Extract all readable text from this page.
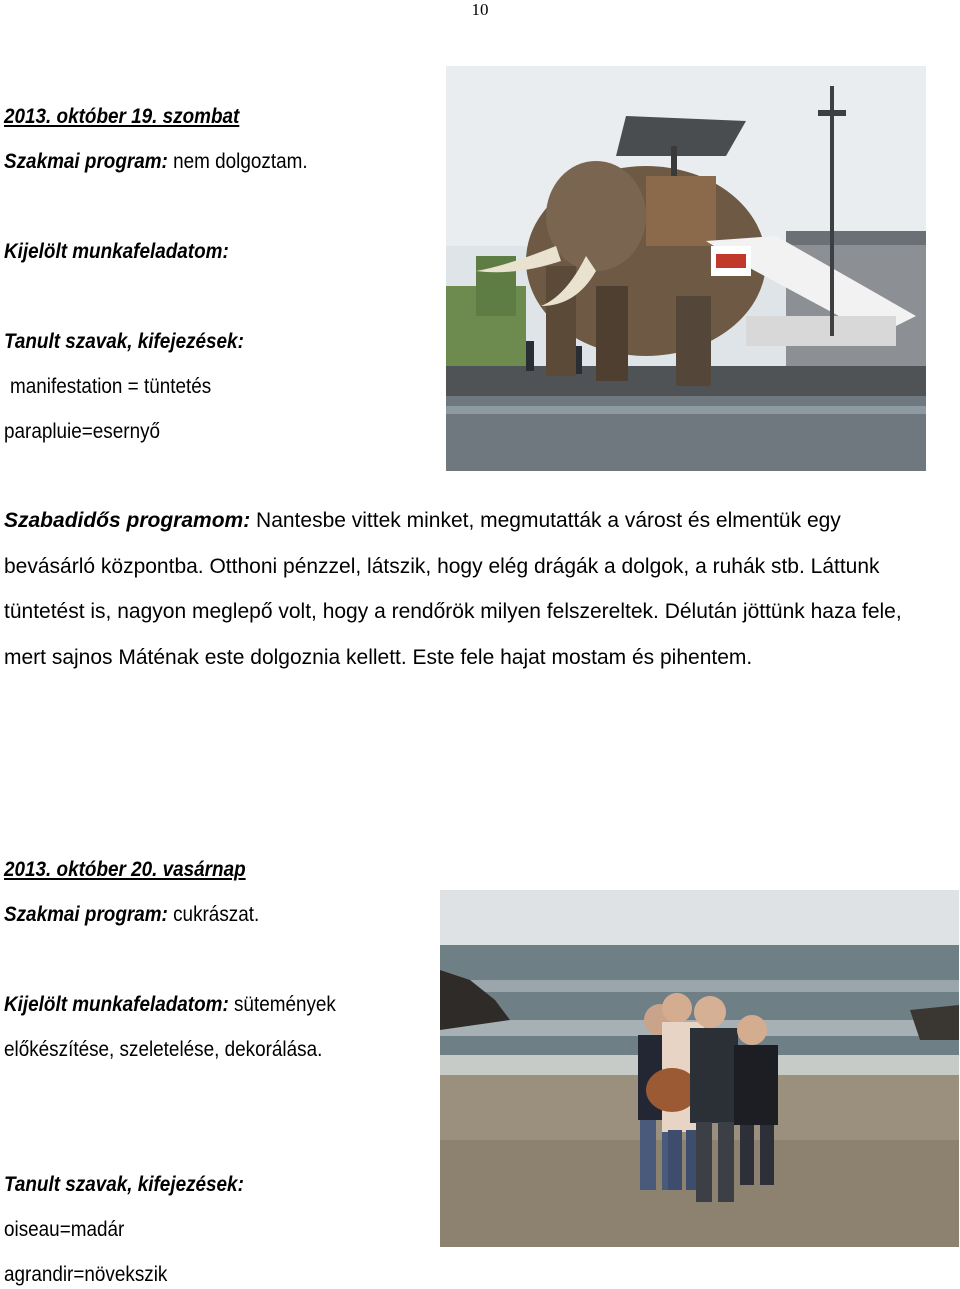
10
2013. október 19. szombat
Szakmai program: nem dolgoztam.
Kijelölt munkafeladatom:
Tanult szavak, kifejezések:
manifestation = tüntetés
parapluie=esernyő
Szabadidős programom: Nantesbe vittek minket, megmutatták a várost és elmentük egy bevásárló központba. Otthoni pénzzel, látszik, hogy elég drágák a dolgok, a ruhák stb. Láttunk tüntetést is, nagyon meglepő volt, hogy a rendőrök milyen felszereltek. Délután jöttünk haza fele, mert sajnos Máténak este dolgoznia kellett. Este fele hajat mostam és pihentem.
2013. október 20. vasárnap
Szakmai program: cukrászat.
Kijelölt munkafeladatom: sütemények
előkészítése, szeletelése, dekorálása.
Tanult szavak, kifejezések:
oiseau=madár
agrandir=növekszik
